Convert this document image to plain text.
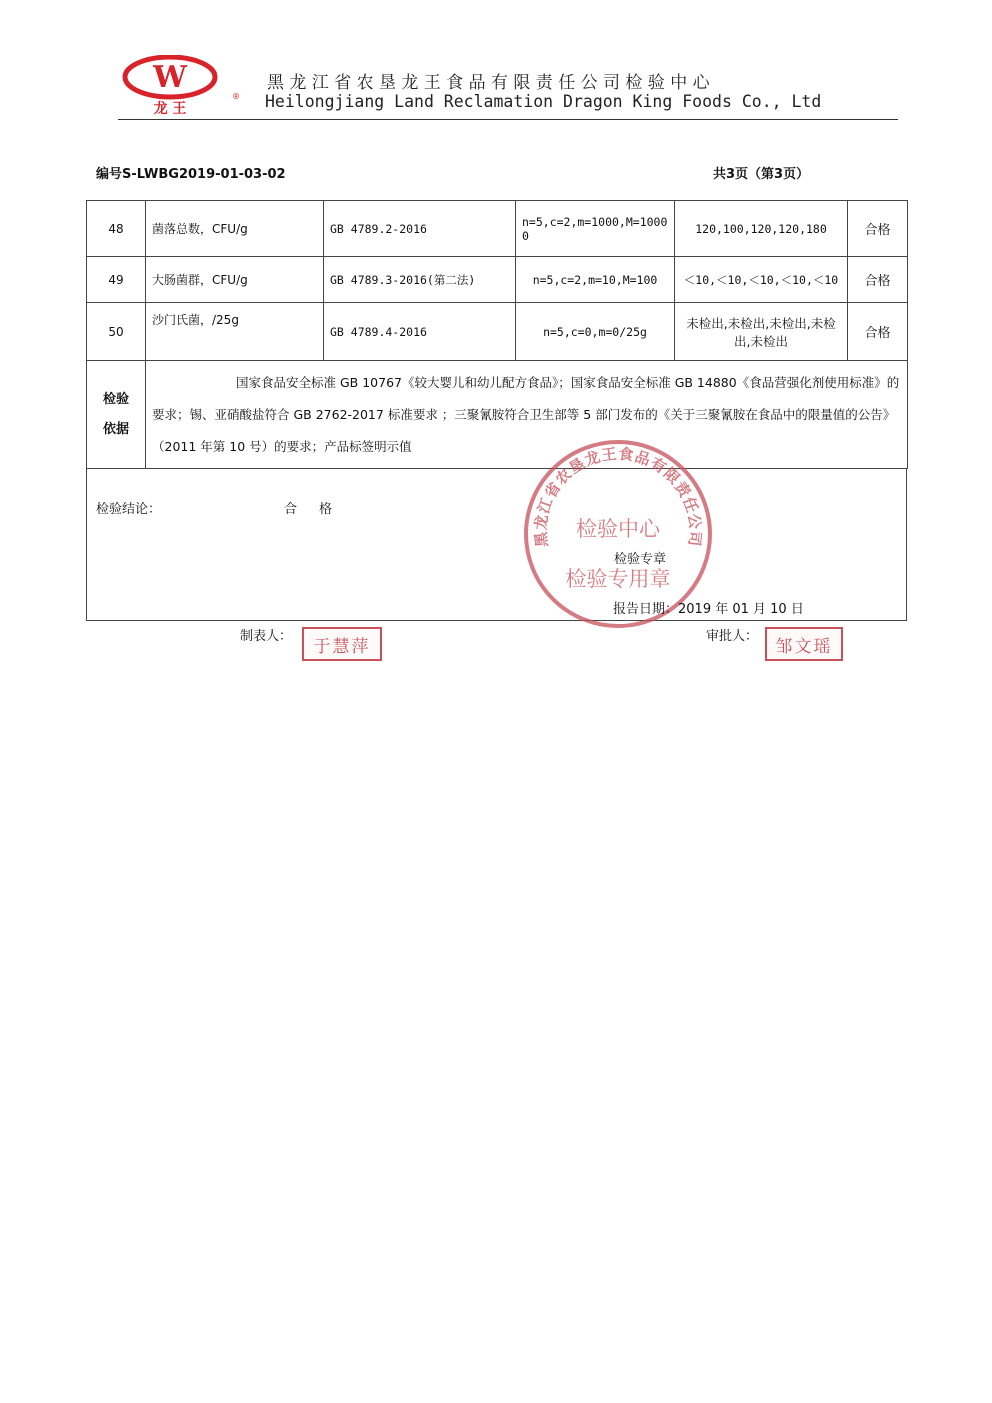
W
龙 王
®
黑龙江省农垦龙王食品有限责任公司检验中心
Heilongjiang Land Reclamation Dragon King Foods Co., Ltd
编号S-LWBG2019-01-03-02	共3页（第3页）
48	菌落总数，CFU/g	GB 4789.2-2016	n=5,c=2,m=1000,M=10000	120,100,120,120,180	合格
49	大肠菌群，CFU/g	GB 4789.3-2016(第二法)	n=5,c=2,m=10,M=100	＜10,＜10,＜10,＜10,＜10	合格
50	沙门氏菌，/25g	GB 4789.4-2016	n=5,c=0,m=0/25g	未检出,未检出,未检出,未检出,未检出	合格

检验
依据	国家食品安全标准 GB 10767《较大婴儿和幼儿配方食品》；国家食品安全标准 GB 14880《食品营强化剂使用标准》的要求；锡、亚硝酸盐符合 GB 2762-2017 标准要求 ；三聚氰胺符合卫生部等 5 部门发布的《关于三聚氰胺在食品中的限量值的公告》（2011 年第 10 号）的要求；产品标签明示值				
黑龙江省农垦龙王食品有限责任公司
检验中心
检验专用章
检验结论：	合格
检验专章
报告日期：2019 年 01 月 10 日
制表人：	于慧萍	审批人：	邹文瑶
